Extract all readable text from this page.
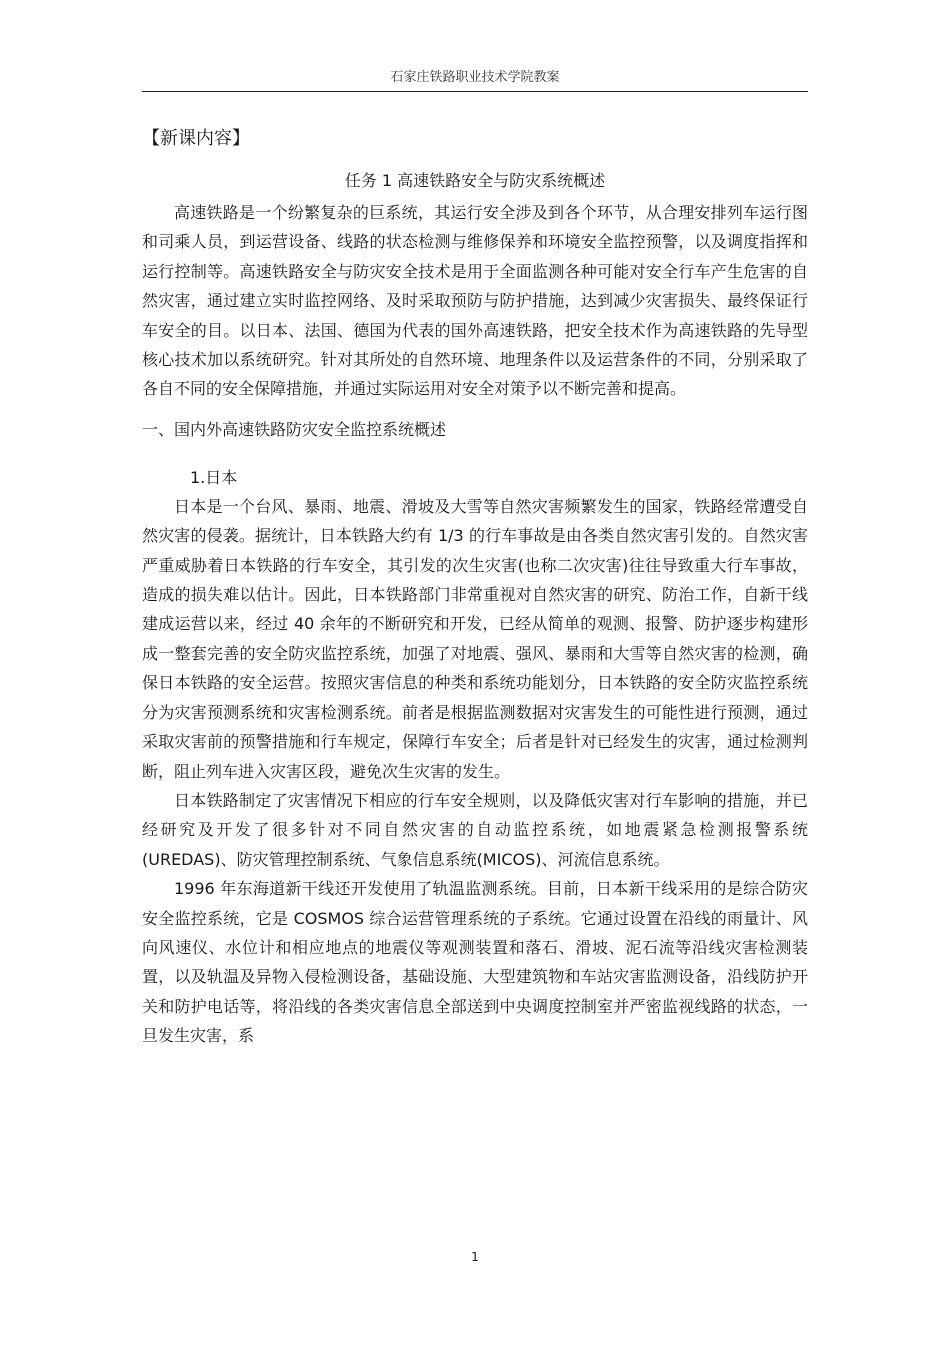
石家庄铁路职业技术学院教案
【新课内容】
任务 1 高速铁路安全与防灾系统概述

高速铁路是一个纷繁复杂的巨系统，其运行安全涉及到各个环节，从合理安排列车运行图和司乘人员，到运营设备、线路的状态检测与维修保养和环境安全监控预警，以及调度指挥和运行控制等。高速铁路安全与防灾安全技术是用于全面监测各种可能对安全行车产生危害的自然灾害，通过建立实时监控网络、及时采取预防与防护措施，达到减少灾害损失、最终保证行车安全的目。以日本、法国、德国为代表的国外高速铁路，把安全技术作为高速铁路的先导型核心技术加以系统研究。针对其所处的自然环境、地理条件以及运营条件的不同，分别采取了各自不同的安全保障措施，并通过实际运用对安全对策予以不断完善和提高。

一、国内外高速铁路防灾安全监控系统概述
1.日本

日本是一个台风、暴雨、地震、滑坡及大雪等自然灾害频繁发生的国家，铁路经常遭受自然灾害的侵袭。据统计，日本铁路大约有 1/3 的行车事故是由各类自然灾害引发的。自然灾害严重威胁着日本铁路的行车安全，其引发的次生灾害(也称二次灾害)往往导致重大行车事故，造成的损失难以估计。因此，日本铁路部门非常重视对自然灾害的研究、防治工作，自新干线建成运营以来，经过 40 余年的不断研究和开发，已经从简单的观测、报警、防护逐步构建形成一整套完善的安全防灾监控系统，加强了对地震、强风、暴雨和大雪等自然灾害的检测，确保日本铁路的安全运营。按照灾害信息的种类和系统功能划分，日本铁路的安全防灾监控系统分为灾害预测系统和灾害检测系统。前者是根据监测数据对灾害发生的可能性进行预测，通过采取灾害前的预警措施和行车规定，保障行车安全；后者是针对已经发生的灾害，通过检测判断，阻止列车进入灾害区段，避免次生灾害的发生。

日本铁路制定了灾害情况下相应的行车安全规则，以及降低灾害对行车影响的措施，并已经研究及开发了很多针对不同自然灾害的自动监控系统，如地震紧急检测报警系统(UREDAS)、防灾管理控制系统、气象信息系统(MICOS)、河流信息系统。

1996 年东海道新干线还开发使用了轨温监测系统。目前，日本新干线采用的是综合防灾安全监控系统，它是 COSMOS 综合运营管理系统的子系统。它通过设置在沿线的雨量计、风向风速仪、水位计和相应地点的地震仪等观测装置和落石、滑坡、泥石流等沿线灾害检测装置，以及轨温及异物入侵检测设备，基础设施、大型建筑物和车站灾害监测设备，沿线防护开关和防护电话等，将沿线的各类灾害信息全部送到中央调度控制室并严密监视线路的状态，一旦发生灾害，系

1
